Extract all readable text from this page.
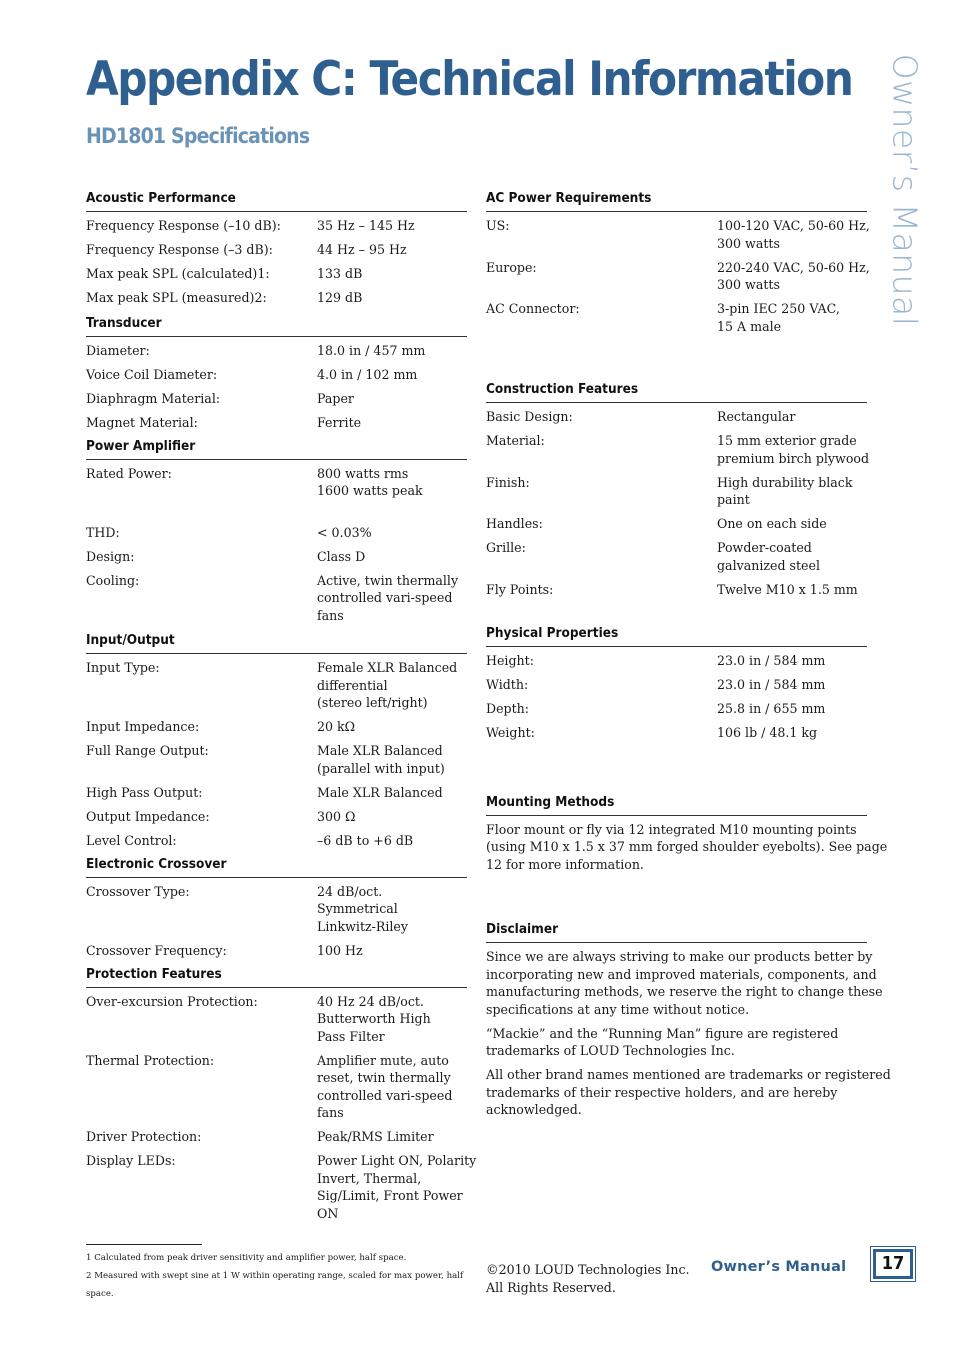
Appendix C: Technical Information
HD1801 Specifications	Owner’s Manual
Acoustic Performance
Frequency Response (–10 dB):	35 Hz – 145 Hz
Frequency Response (–3 dB):	44 Hz – 95 Hz
Max peak SPL (calculated)1:	133 dB
Max peak SPL (measured)2:	129 dB
Transducer
Diameter:	18.0 in / 457 mm
Voice Coil Diameter:	4.0 in / 102 mm
Diaphragm Material:	Paper
Magnet Material:	Ferrite
Power Amplifier
Rated Power:	800 watts rms
1600 watts peak
THD:	< 0.03%
Design:	Class D
Cooling:	Active, twin thermally
controlled vari-speed
fans
Input/Output
Input Type:	Female XLR Balanced
differential
(stereo left/right)
Input Impedance:	20 kΩ
Full Range Output:	Male XLR Balanced
(parallel with input)
High Pass Output:	Male XLR Balanced
Output Impedance:	300 Ω
Level Control:	–6 dB to +6 dB
Electronic Crossover
Crossover Type:	24 dB/oct.
Symmetrical
Linkwitz-Riley
Crossover Frequency:	100 Hz
Protection Features
Over-excursion Protection:	40 Hz 24 dB/oct.
Butterworth High
Pass Filter
Thermal Protection:	Amplifier mute, auto
reset, twin thermally
controlled vari-speed
fans
Driver Protection:	Peak/RMS Limiter
Display LEDs:	Power Light ON, Polarity
Invert, Thermal,
Sig/Limit, Front Power
ON
AC Power Requirements
US:	100-120 VAC, 50-60 Hz,
300 watts
Europe:	220-240 VAC, 50-60 Hz,
300 watts
AC Connector:	3-pin IEC 250 VAC,
15 A male
Construction Features
Basic Design:	Rectangular
Material:	15 mm exterior grade
premium birch plywood
Finish:	High durability black
paint
Handles:	One on each side
Grille:	Powder-coated
galvanized steel
Fly Points:	Twelve M10 x 1.5 mm
Physical Properties
Height:	23.0 in / 584 mm
Width:	23.0 in / 584 mm
Depth:	25.8 in / 655 mm
Weight:	106 lb / 48.1 kg
Mounting Methods
Floor mount or fly via 12 integrated M10 mounting points
(using M10 x 1.5 x 37 mm forged shoulder eyebolts). See page
12 for more information.
Disclaimer
Since we are always striving to make our products better by
incorporating new and improved materials, components, and
manufacturing methods, we reserve the right to change these
specifications at any time without notice.
“Mackie” and the “Running Man” figure are registered
trademarks of LOUD Technologies Inc.
All other brand names mentioned are trademarks or registered
trademarks of their respective holders, and are hereby
acknowledged.
1 Calculated from peak driver sensitivity and amplifier power, half space.
2 Measured with swept sine at 1 W within operating range, scaled for max power, half
space.
©2010 LOUD Technologies Inc.
All Rights Reserved.
Owner’s Manual	17
